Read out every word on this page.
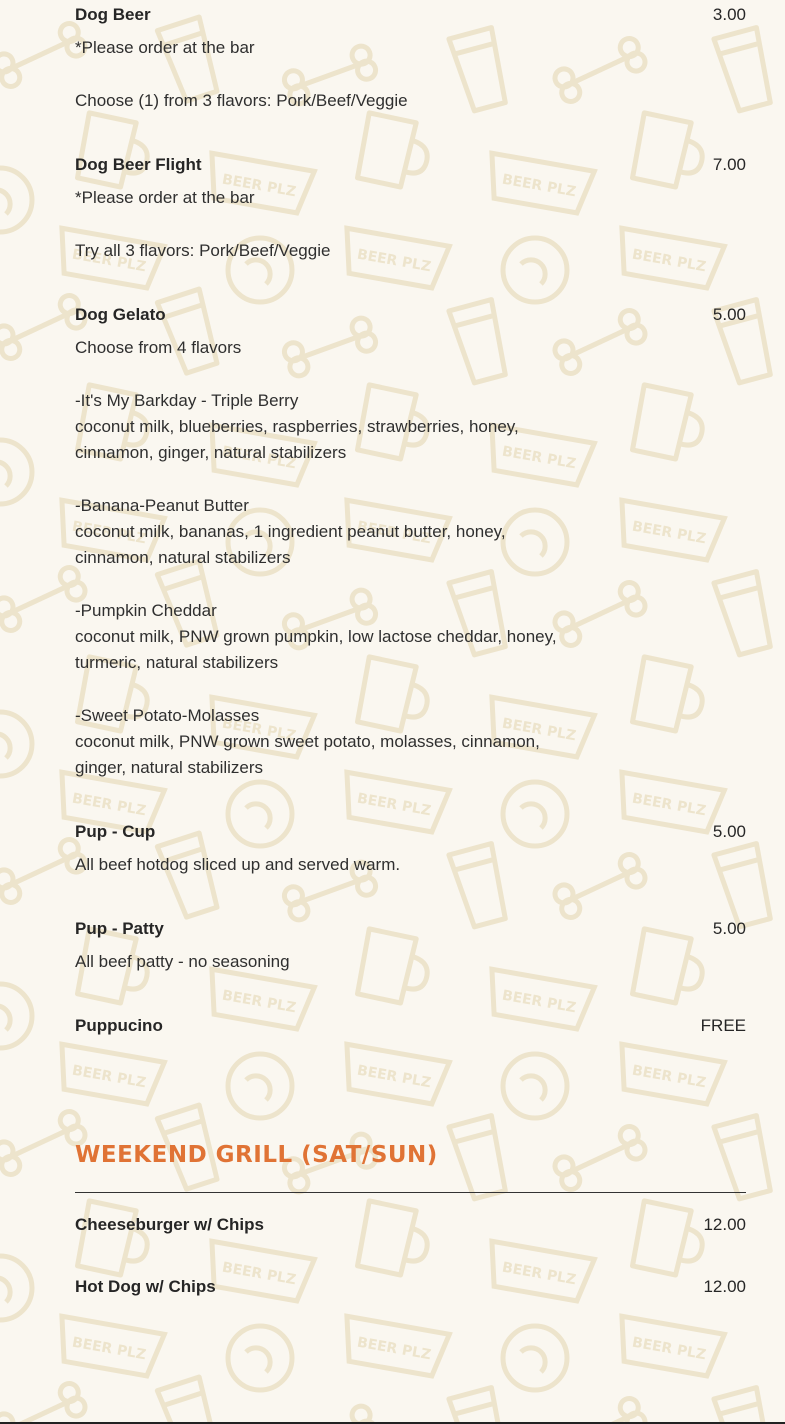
Dog Beer	3.00

*Please order at the bar

Choose (1) from 3 flavors: Pork/Beef/Veggie

Dog Beer Flight	7.00

*Please order at the bar

Try all 3 flavors: Pork/Beef/Veggie

Dog Gelato	5.00

Choose from 4 flavors

-It's My Barkday - Triple Berry

coconut milk, blueberries, raspberries, strawberries, honey,

cinnamon, ginger, natural stabilizers

-Banana-Peanut Butter

coconut milk, bananas, 1 ingredient peanut butter, honey,

cinnamon, natural stabilizers

-Pumpkin Cheddar

coconut milk, PNW grown pumpkin, low lactose cheddar, honey,

turmeric, natural stabilizers

-Sweet Potato-Molasses

coconut milk, PNW grown sweet potato, molasses, cinnamon,

ginger, natural stabilizers

Pup - Cup	5.00

All beef hotdog sliced up and served warm.

Pup - Patty	5.00

All beef patty - no seasoning

Puppucino	FREE
Cheeseburger w/ Chips	12.00
Hot Dog w/ Chips	12.00
WEEKEND GRILL (SAT/SUN)
